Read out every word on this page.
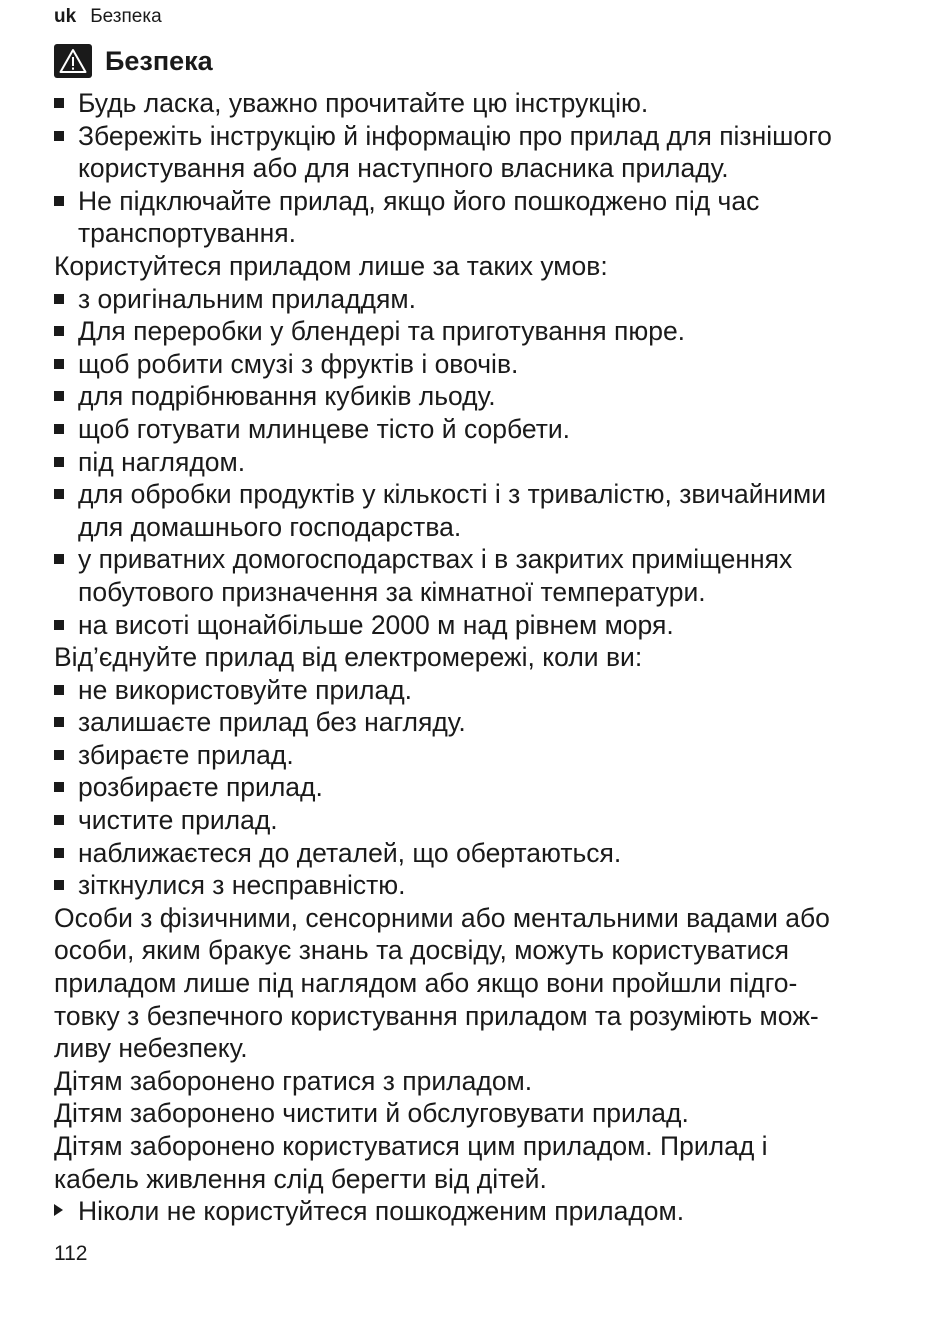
uk Безпека
Безпека
Будь ласка, уважно прочитайте цю інструкцію.
Збережіть інструкцію й інформацію про прилад для пізнішого
користування або для наступного власника приладу.
Не підключайте прилад, якщо його пошкоджено під час
транспортування.
Користуйтеся приладом лише за таких умов:
з оригінальним приладдям.
Для переробки у блендері та приготування пюре.
щоб робити смузі з фруктів і овочів.
для подрібнювання кубиків льоду.
щоб готувати млинцеве тісто й сорбети.
під наглядом.
для обробки продуктів у кількості і з тривалістю, звичайними
для домашнього господарства.
у приватних домогосподарствах і в закритих приміщеннях
побутового призначення за кімнатної температури.
на висоті щонайбільше 2000 м над рівнем моря.
Від’єднуйте прилад від електромережі, коли ви:
не використовуйте прилад.
залишаєте прилад без нагляду.
збираєте прилад.
розбираєте прилад.
чистите прилад.
наближаєтеся до деталей, що обертаються.
зіткнулися з несправністю.
Особи з фізичними, сенсорними або ментальними вадами або
особи, яким бракує знань та досвіду, можуть користуватися
приладом лише під наглядом або якщо вони пройшли підго-
товку з безпечного користування приладом та розуміють мож-
ливу небезпеку.
Дітям заборонено гратися з приладом.
Дітям заборонено чистити й обслуговувати прилад.
Дітям заборонено користуватися цим приладом. Прилад і
кабель живлення слід берегти від дітей.
Ніколи не користуйтеся пошкодженим приладом.
112
